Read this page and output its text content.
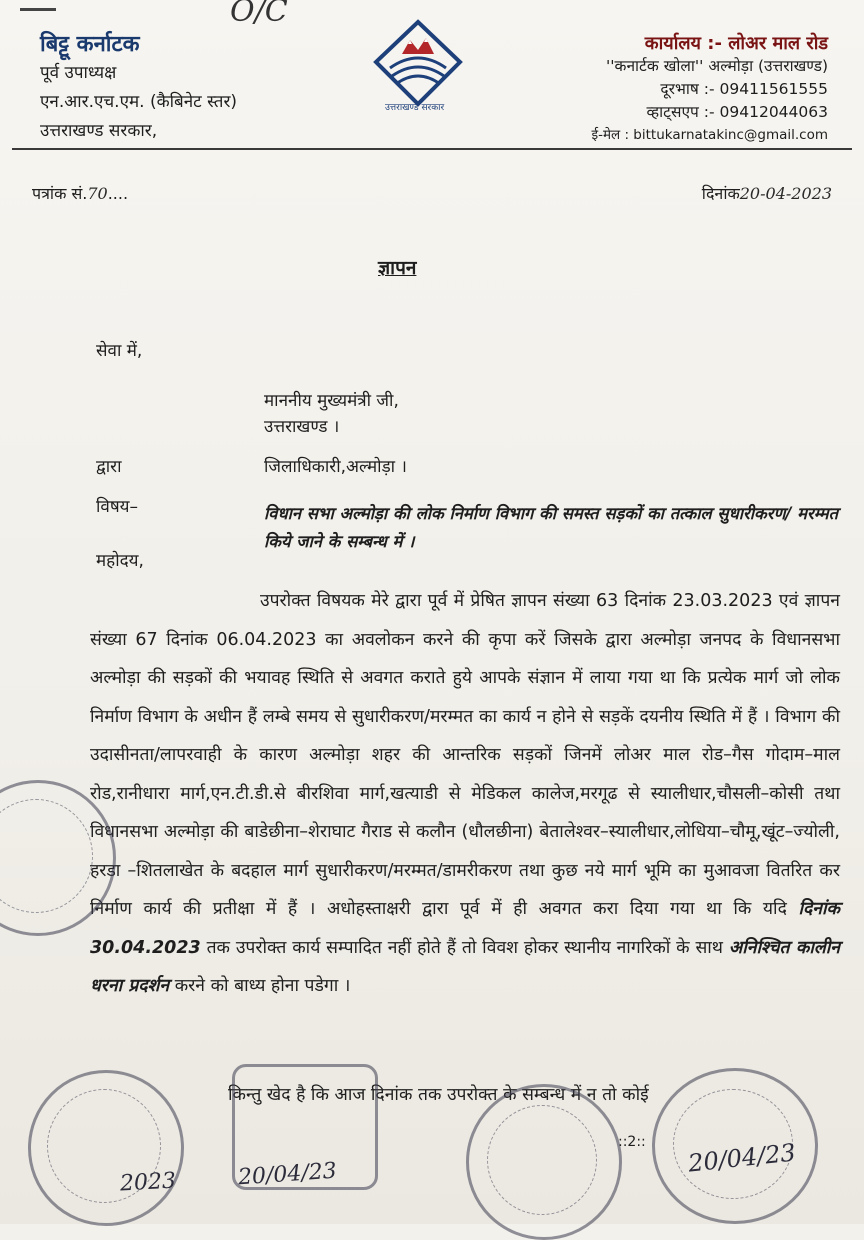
O/C
बिट्टू कर्नाटक
पूर्व उपाध्यक्ष
एन.आर.एच.एम. (कैबिनेट स्तर)
उत्तराखण्ड सरकार,
उत्तराखण्ड सरकार
कार्यालय :- लोअर माल रोड
''कनार्टक खोला'' अल्मोड़ा (उत्तराखण्ड)
दूरभाष :- 09411561555
व्हाट्सएप :- 09412044063
ई-मेल : bittukarnatakinc@gmail.com
पत्रांक सं.70....	दिनांक20-04-2023
ज्ञापन
सेवा में,
माननीय मुख्यमंत्री जी,
उत्तराखण्ड ।
द्वारा	जिलाधिकारी,अल्मोड़ा ।
विषय–	विधान सभा अल्मोड़ा की लोक निर्माण विभाग की समस्त सड़कों का तत्काल सुधारीकरण/ मरम्मत किये जाने के सम्बन्ध में ।
महोदय,
उपरोक्त विषयक मेरे द्वारा पूर्व में प्रेषित ज्ञापन संख्या 63 दिनांक 23.03.2023 एवं ज्ञापन संख्या 67 दिनांक 06.04.2023 का अवलोकन करने की कृपा करें जिसके द्वारा अल्मोड़ा जनपद के विधानसभा अल्मोड़ा की सड़कों की भयावह स्थिति से अवगत कराते हुये आपके संज्ञान में लाया गया था कि प्रत्येक मार्ग जो लोक निर्माण विभाग के अधीन हैं लम्बे समय से सुधारीकरण/मरम्मत का कार्य न होने से सड़कें दयनीय स्थिति में हैं । विभाग की उदासीनता/लापरवाही के कारण अल्मोड़ा शहर की आन्तरिक सड़कों जिनमें लोअर माल रोड–गैस गोदाम–माल रोड,रानीधारा मार्ग,एन.टी.डी.से बीरशिवा मार्ग,खत्याडी से मेडिकल कालेज,मरगूढ से स्यालीधार,चौसली–कोसी तथा विधानसभा अल्मोड़ा की बाडेछीना–शेराघाट गैराड से कलौन (धौलछीना) बेतालेश्वर–स्यालीधार,लोधिया–चौमू,खूंट–ज्योली, हरडा –शितलाखेत के बदहाल मार्ग सुधारीकरण/मरम्मत/डामरीकरण तथा कुछ नये मार्ग भूमि का मुआवजा वितरित कर निर्माण कार्य की प्रतीक्षा में हैं । अधोहस्ताक्षरी द्वारा पूर्व में ही अवगत करा दिया गया था कि यदि दिनांक 30.04.2023 तक उपरोक्त कार्य सम्पादित नहीं होते हैं तो विवश होकर स्थानीय नागरिकों के साथ अनिश्चित कालीन धरना प्रदर्शन करने को बाध्य होना पडेगा ।
किन्तु खेद है कि आज दिनांक तक उपरोक्त के सम्बन्ध में न तो कोई
::2::
20/04/23	20/04/23
2023
